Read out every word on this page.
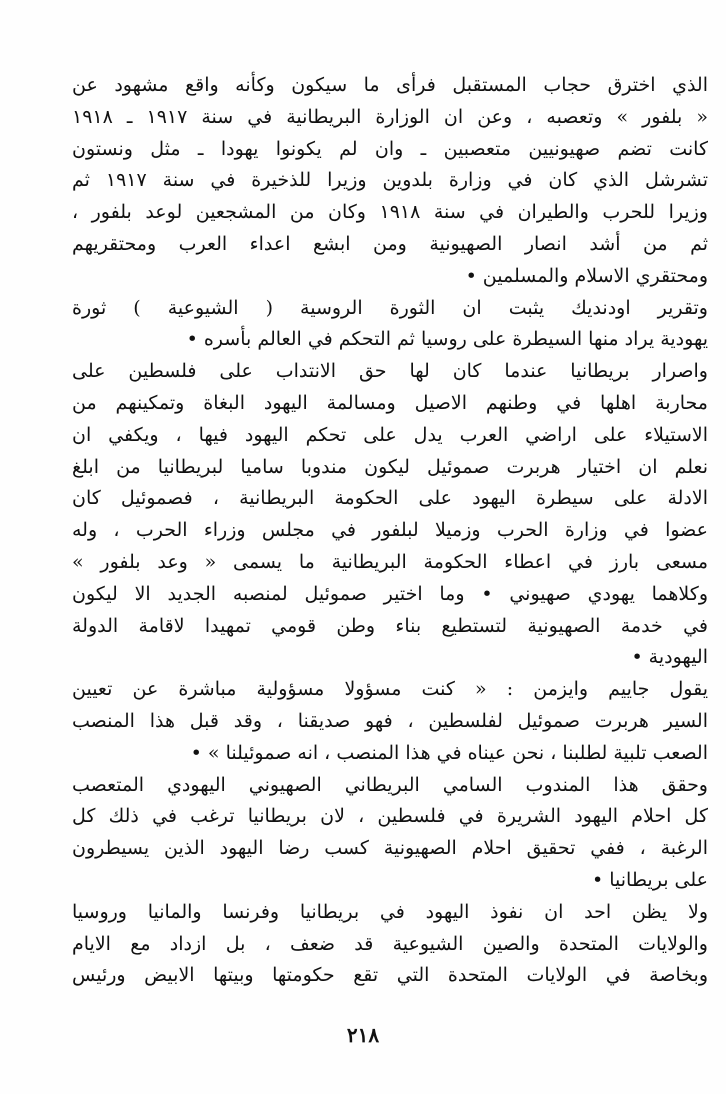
الذي اخترق حجاب المستقبل فرأى ما سيكون وكأنه واقع مشهود عن
« بلفور » وتعصبه ، وعن ان الوزارة البريطانية في سنة ١٩١٧ ـ ١٩١٨
كانت تضم صهيونيين متعصبين ـ وان لم يكونوا يهودا ـ مثل ونستون
تشرشل الذي كان في وزارة بلدوين وزيرا للذخيرة في سنة ١٩١٧ ثم
وزيرا للحرب والطيران في سنة ١٩١٨ وكان من المشجعين لوعد بلفور ،
ثم من أشد انصار الصهيونية ومن ابشع اعداء العرب ومحتقريهم
ومحتقري الاسلام والمسلمين •
وتقرير اودنديك يثبت ان الثورة الروسية ( الشيوعية ) ثورة
يهودية يراد منها السيطرة على روسيا ثم التحكم في العالم بأسره •
واصرار بريطانيا عندما كان لها حق الانتداب على فلسطين على
محاربة اهلها في وطنهم الاصيل ومسالمة اليهود البغاة وتمكينهم من
الاستيلاء على اراضي العرب يدل على تحكم اليهود فيها ، ويكفي ان
نعلم ان اختيار هربرت صموئيل ليكون مندوبا ساميا لبريطانيا من ابلغ
الادلة على سيطرة اليهود على الحكومة البريطانية ، فصموئيل كان
عضوا في وزارة الحرب وزميلا لبلفور في مجلس وزراء الحرب ، وله
مسعى بارز في اعطاء الحكومة البريطانية ما يسمى « وعد بلفور »
وكلاهما يهودي صهيوني • وما اختير صموئيل لمنصبه الجديد الا ليكون
في خدمة الصهيونية لتستطيع بناء وطن قومي تمهيدا لاقامة الدولة
اليهودية •
يقول جاييم وايزمن : « كنت مسؤولا مسؤولية مباشرة عن تعيين
السير هربرت صموئيل لفلسطين ، فهو صديقنا ، وقد قبل هذا المنصب
الصعب تلبية لطلبنا ، نحن عيناه في هذا المنصب ، انه صموئيلنا » •
وحقق هذا المندوب السامي البريطاني الصهيوني اليهودي المتعصب
كل احلام اليهود الشريرة في فلسطين ، لان بريطانيا ترغب في ذلك كل
الرغبة ، ففي تحقيق احلام الصهيونية كسب رضا اليهود الذين يسيطرون
على بريطانيا •
ولا يظن احد ان نفوذ اليهود في بريطانيا وفرنسا والمانيا وروسيا
والولايات المتحدة والصين الشيوعية قد ضعف ، بل ازداد مع الايام
وبخاصة في الولايات المتحدة التي تقع حكومتها وبيتها الابيض ورئيس
٢١٨
